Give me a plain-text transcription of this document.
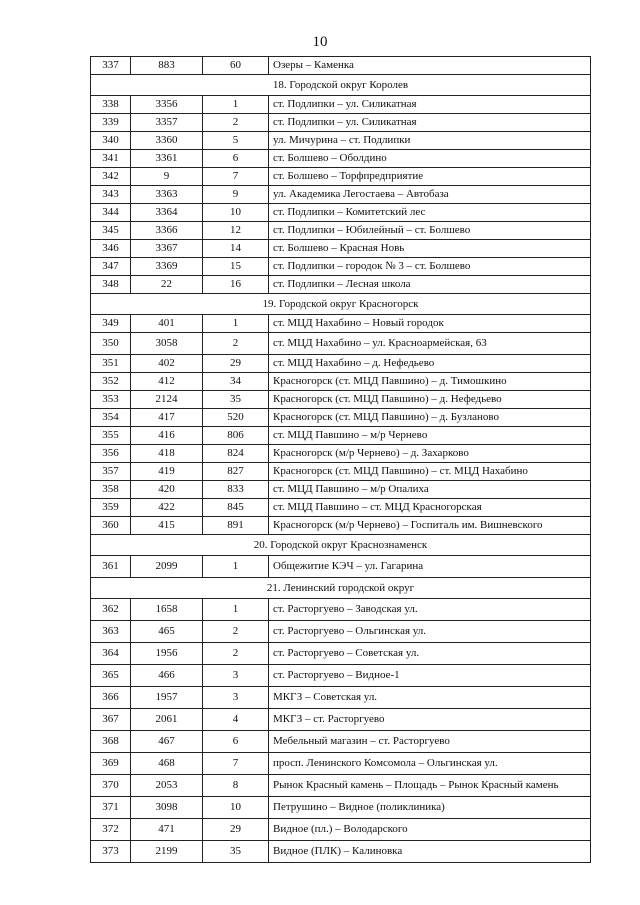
10
337	883	60	Озеры – Каменка
18. Городской округ Королев			
338	3356	1	ст. Подлипки – ул. Силикатная
339	3357	2	ст. Подлипки – ул. Силикатная
340	3360	5	ул. Мичурина – ст. Подлипки
341	3361	6	ст. Болшево – Оболдино
342	9	7	ст. Болшево – Торфпредприятие
343	3363	9	ул. Академика Легостаева – Автобаза
344	3364	10	ст. Подлипки – Комитетский лес
345	3366	12	ст. Подлипки – Юбилейный – ст. Болшево
346	3367	14	ст. Болшево – Красная Новь
347	3369	15	ст. Подлипки – городок № 3 – ст. Болшево
348	22	16	ст. Подлипки – Лесная школа
19. Городской округ Красногорск			
349	401	1	ст. МЦД Нахабино – Новый городок
350	3058	2	ст. МЦД Нахабино – ул. Красноармейская, 63
351	402	29	ст. МЦД Нахабино – д. Нефедьево
352	412	34	Красногорск (ст. МЦД Павшино) – д. Тимошкино
353	2124	35	Красногорск (ст. МЦД Павшино) – д. Нефедьево
354	417	520	Красногорск (ст. МЦД Павшино) – д. Бузланово
355	416	806	ст. МЦД Павшино – м/р Черневo
356	418	824	Красногорск (м/р Чернево) – д. Захарково
357	419	827	Красногорск (ст. МЦД Павшино) – ст. МЦД Нахабино
358	420	833	ст. МЦД Павшино – м/р Опалиха
359	422	845	ст. МЦД Павшино – ст. МЦД Красногорская
360	415	891	Красногорск (м/р Чернево) – Госпиталь им. Вишневского
20. Городской округ Краснознаменск			
361	2099	1	Общежитие КЭЧ – ул. Гагарина
21. Ленинский городской округ			
362	1658	1	ст. Расторгуево – Заводская ул.
363	465	2	ст. Расторгуево – Ольгинская ул.
364	1956	2	ст. Расторгуево – Советская ул.
365	466	3	ст. Расторгуево – Видное-1
366	1957	3	МКГЗ – Советская ул.
367	2061	4	МКГЗ – ст. Расторгуево
368	467	6	Мебельный магазин – ст. Расторгуево
369	468	7	просп. Ленинского Комсомола – Ольгинская ул.
370	2053	8	Рынок Красный камень – Площадь – Рынок Красный камень
371	3098	10	Петрушино – Видное (поликлиника)
372	471	29	Видное (пл.) – Володарского
373	2199	35	Видное (ПЛК) – Калиновка
